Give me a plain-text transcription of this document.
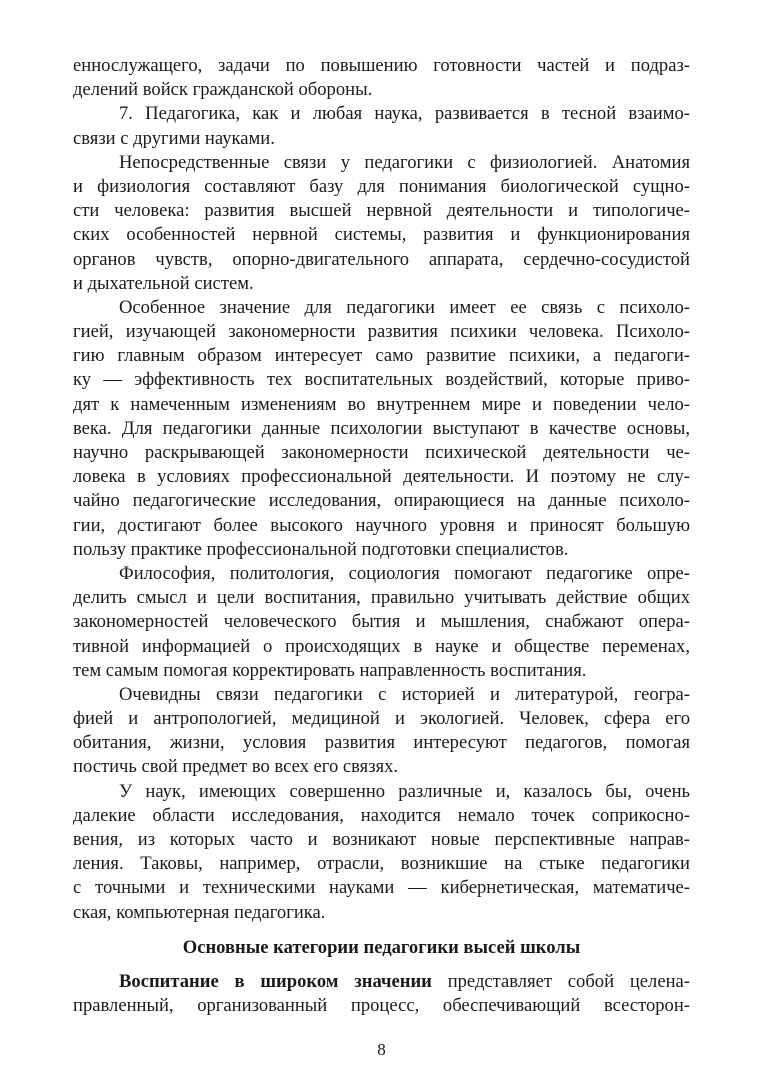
еннослужащего, задачи по повышению готовности частей и подраз-
делений войск гражданской обороны.
7. Педагогика, как и любая наука, развивается в тесной взаимо-
связи с другими науками.
Непосредственные связи у педагогики с физиологией. Анатомия
и физиология составляют базу для понимания биологической сущно-
сти человека: развития высшей нервной деятельности и типологиче-
ских особенностей нервной системы, развития и функционирования
органов чувств, опорно-двигательного аппарата, сердечно-сосудистой
и дыхательной систем.
Особенное значение для педагогики имеет ее связь с психоло-
гией, изучающей закономерности развития психики человека. Психоло-
гию главным образом интересует само развитие психики, а педагоги-
ку — эффективность тех воспитательных воздействий, которые приво-
дят к намеченным изменениям во внутреннем мире и поведении чело-
века. Для педагогики данные психологии выступают в качестве основы,
научно раскрывающей закономерности психической деятельности че-
ловека в условиях профессиональной деятельности. И поэтому не слу-
чайно педагогические исследования, опирающиеся на данные психоло-
гии, достигают более высокого научного уровня и приносят большую
пользу практике профессиональной подготовки специалистов.
Философия, политология, социология помогают педагогике опре-
делить смысл и цели воспитания, правильно учитывать действие общих
закономерностей человеческого бытия и мышления, снабжают опера-
тивной информацией о происходящих в науке и обществе переменах,
тем самым помогая корректировать направленность воспитания.
Очевидны связи педагогики с историей и литературой, геогра-
фией и антропологией, медициной и экологией. Человек, сфера его
обитания, жизни, условия развития интересуют педагогов, помогая
постичь свой предмет во всех его связях.
У наук, имеющих совершенно различные и, казалось бы, очень
далекие области исследования, находится немало точек соприкосно-
вения, из которых часто и возникают новые перспективные направ-
ления. Таковы, например, отрасли, возникшие на стыке педагогики
с точными и техническими науками — кибернетическая, математиче-
ская, компьютерная педагогика.
Основные категории педагогики высей школы
Воспитание в широком значении представляет собой целена-
правленный, организованный процесс, обеспечивающий всесторон-
8
